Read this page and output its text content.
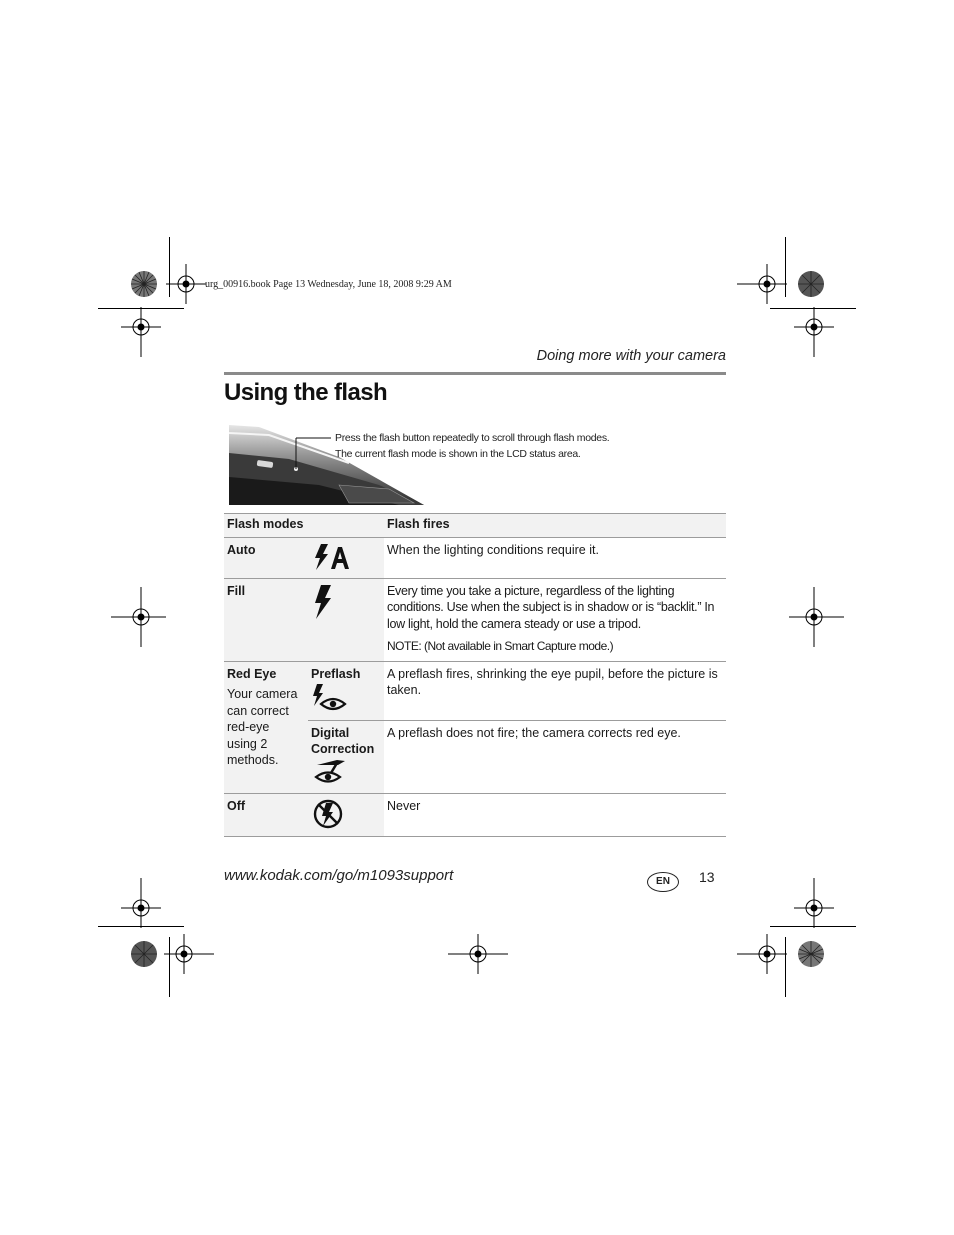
urg_00916.book Page 13 Wednesday, June 18, 2008 9:29 AM
Doing more with your camera
Using the flash
Press the flash button repeatedly to scroll through flash modes.
The current flash mode is shown in the LCD status area.
Flash modes		Flash fires
Auto		When the lighting conditions require it.
Fill		Every time you take a picture, regardless of the lighting conditions. Use when the subject is in shadow or is “backlit.” In low light, hold the camera steady or use a tripod.
NOTE: (Not available in Smart Capture mode.)

Red Eye
Your camera can correct red-eye using 2 methods.	Preflash	A preflash fires, shrinking the eye pupil, before the picture is taken.

	Digital Correction	A preflash does not fire; the camera corrects red eye.
Off		Never
www.kodak.com/go/m1093support	EN	13
